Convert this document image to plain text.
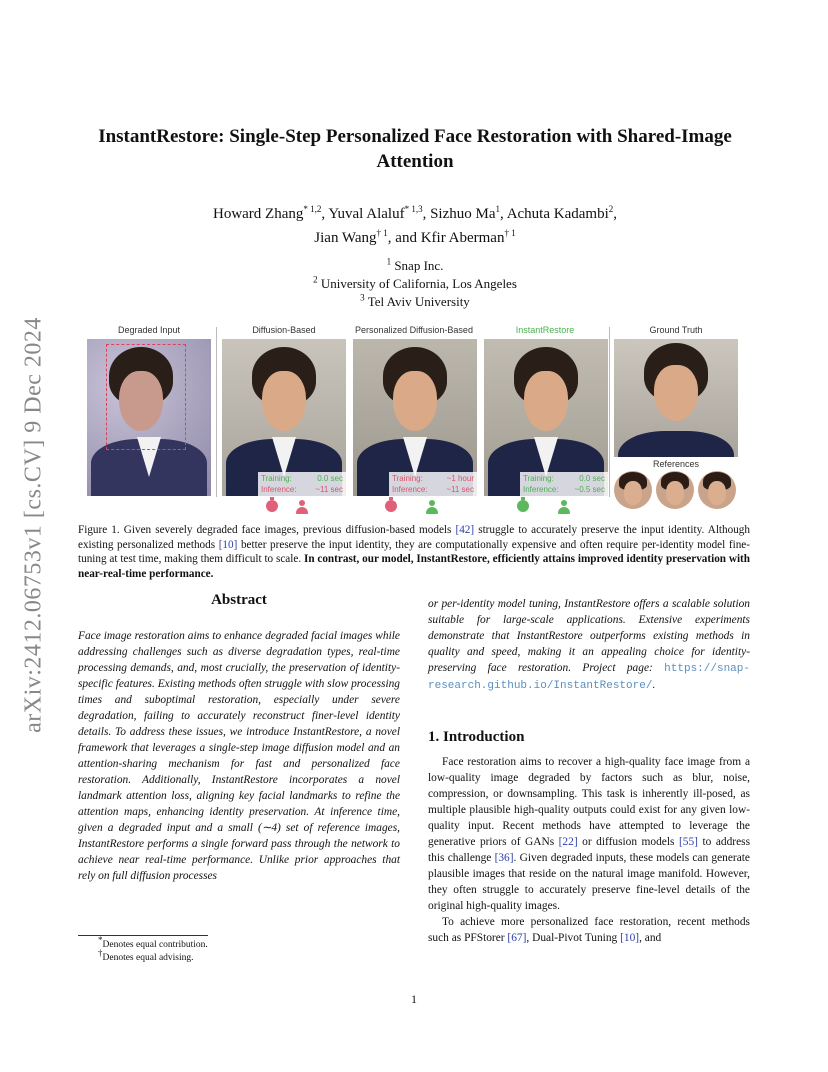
arXiv:2412.06753v1 [cs.CV] 9 Dec 2024
InstantRestore: Single-Step Personalized Face Restoration with Shared-Image Attention
Howard Zhang$^{* 1,2}$, Yuval Alaluf$^{* 1,3}$, Sizhuo Ma$^1$, Achuta Kadambi$^2$,
Jian Wang$^{\dagger 1}$, and Kfir Aberman$^{\dagger 1}$
$^1$ Snap Inc.
$^2$ University of California, Los Angeles
$^3$ Tel Aviv University
Degraded Input	Diffusion-Based	Personalized Diffusion-Based	InstantRestore	Ground Truth
Training:	0.0 sec
Inference: ~11 sec
Training:	~1 hour
Inference: ~11 sec
Training:	0.0 sec
Inference: ~0.5 sec
References
Figure 1. Given severely degraded face images, previous diffusion-based models [42] struggle to accurately preserve the input identity. Although existing personalized methods [10] better preserve the input identity, they are computationally expensive and often require per-identity model fine-tuning at test time, making them difficult to scale. In contrast, our model, InstantRestore, efficiently attains improved identity preservation with near-real-time performance.
Abstract
Face image restoration aims to enhance degraded facial images while addressing challenges such as diverse degradation types, real-time processing demands, and, most crucially, the preservation of identity-specific features. Existing methods often struggle with slow processing times and suboptimal restoration, especially under severe degradation, failing to accurately reconstruct finer-level identity details. To address these issues, we introduce InstantRestore, a novel framework that leverages a single-step image diffusion model and an attention-sharing mechanism for fast and personalized face restoration. Additionally, InstantRestore incorporates a novel landmark attention loss, aligning key facial landmarks to refine the attention maps, enhancing identity preservation. At inference time, given a degraded input and a small (∼4) set of reference images, InstantRestore performs a single forward pass through the network to achieve near real-time performance. Unlike prior approaches that rely on full diffusion processes
or per-identity model tuning, InstantRestore offers a scalable solution suitable for large-scale applications. Extensive experiments demonstrate that InstantRestore outperforms existing methods in quality and speed, making it an appealing choice for identity-preserving face restoration. Project page: https://snap-research.github.io/InstantRestore/.
1. Introduction
Face restoration aims to recover a high-quality face image from a low-quality image degraded by factors such as blur, noise, compression, or downsampling. This task is inherently ill-posed, as multiple plausible high-quality outputs could exist for any given low-quality input. Recent methods have attempted to leverage the generative priors of GANs [22] or diffusion models [55] to address this challenge [36]. Given degraded inputs, these models can generate plausible images that reside on the natural image manifold. However, they often struggle to accurately preserve fine-level details of the original high-quality images.
To achieve more personalized face restoration, recent methods such as PFStorer [67], Dual-Pivot Tuning [10], and
*Denotes equal contribution.
†Denotes equal advising.
1
